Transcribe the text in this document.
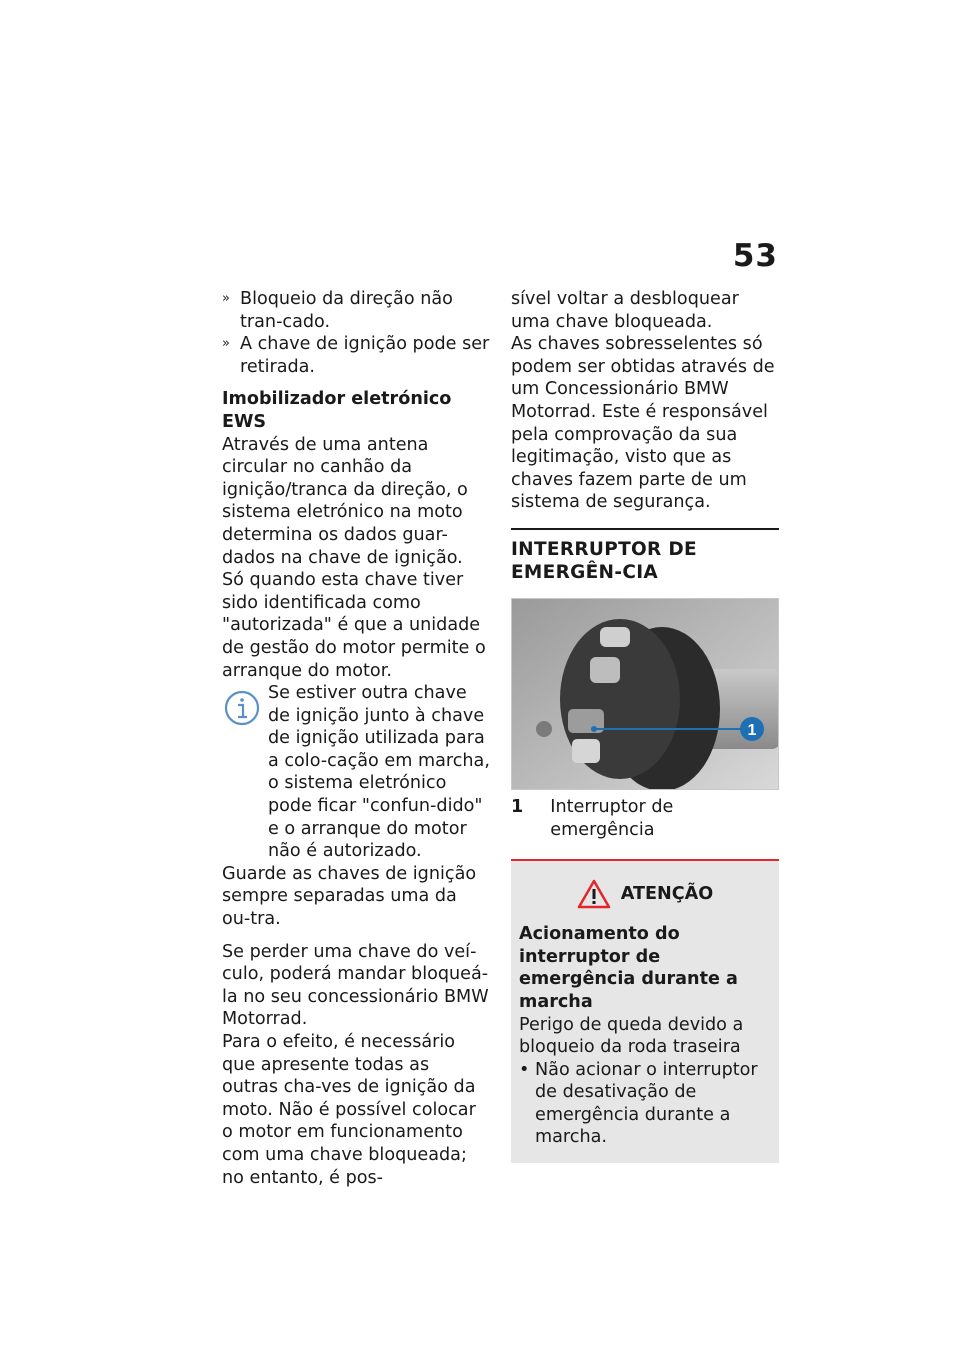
53
» Bloqueio da direção não tran-cado.
» A chave de ignição pode ser retirada.
Imobilizador eletrónico EWS

Através de uma antena circular no canhão da ignição/tranca da direção, o sistema eletrónico na moto determina os dados guar-dados na chave de ignição. Só quando esta chave tiver sido identificada como "autorizada" é que a unidade de gestão do motor permite o arranque do motor.

Se estiver outra chave de ignição junto à chave de ignição utilizada para a colo-cação em marcha, o sistema eletrónico pode ficar "confun-dido" e o arranque do motor não é autorizado.

Guarde as chaves de ignição sempre separadas uma da ou-tra.

Se perder uma chave do veí-culo, poderá mandar bloqueá-la no seu concessionário BMW Motorrad.

Para o efeito, é necessário que apresente todas as outras cha-ves de ignição da moto. Não é possível colocar o motor em funcionamento com uma chave bloqueada; no entanto, é pos-

sível voltar a desbloquear uma chave bloqueada.

As chaves sobresselentes só podem ser obtidas através de um Concessionário BMW Motorrad. Este é responsável pela comprovação da sua legitimação, visto que as chaves fazem parte de um sistema de segurança.

INTERRUPTOR DE EMERGÊN-CIA
1
1	Interruptor de emergência
ATENÇÃO
Acionamento do interruptor de emergência durante a marcha

Perigo de queda devido a bloqueio da roda traseira

• Não acionar o interruptor de desativação de emergência durante a marcha.
